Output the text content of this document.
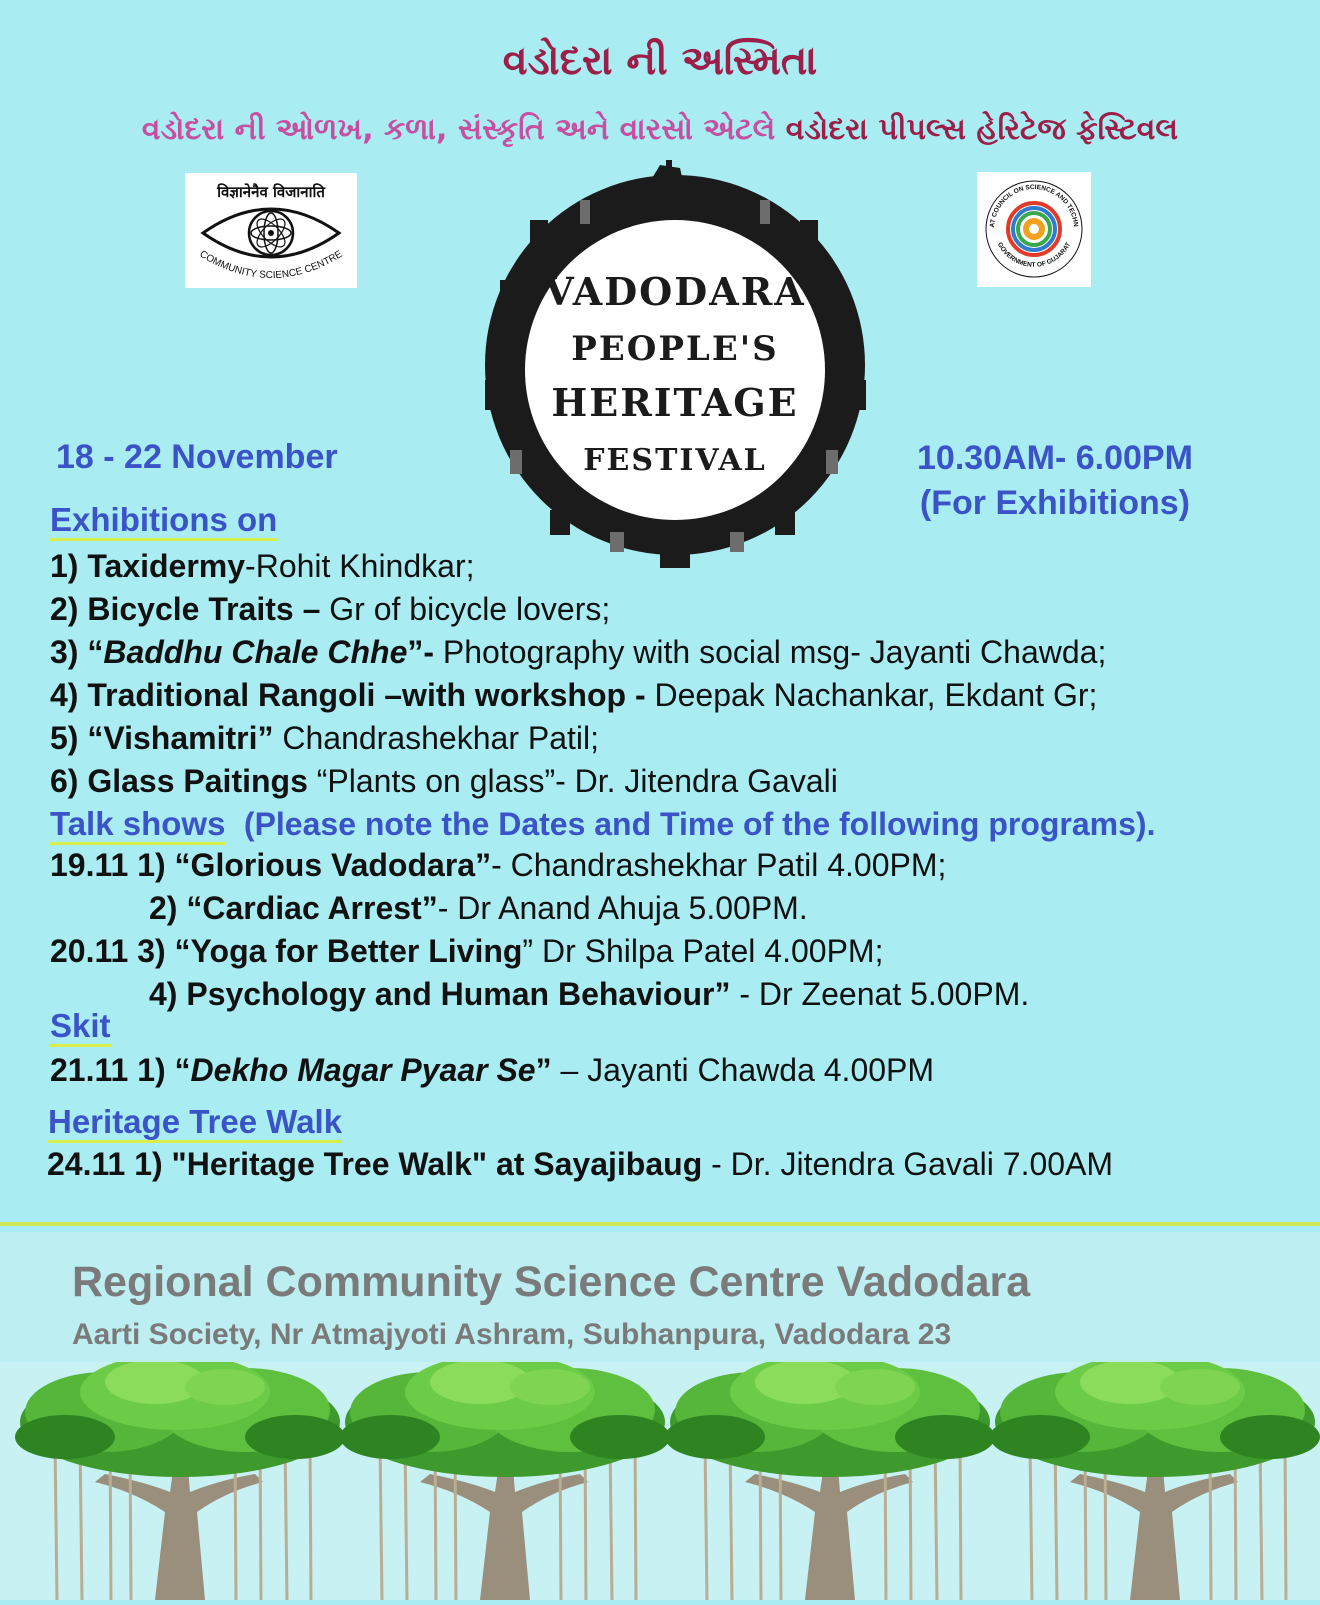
વડોદરા ની અસ્મિતા
વડોદરા ની ઓળખ, કળા, સંસ્કૃતિ અને વારસો એટલે વડોદરા પીપલ્સ હેરિટેજ ફેસ્ટિવલ
विज्ञानेनैव विजानाति
COMMUNITY SCIENCE CENTRE
AT COUNCIL ON SCIENCE AND TECHN
GOVERNMENT OF GUJARAT
VADODARA
PEOPLE'S
HERITAGE
FESTIVAL
18 - 22 November	10.30AM- 6.00PM
(For Exhibitions)
Exhibitions on
1) Taxidermy-Rohit Khindkar;
2) Bicycle Traits – Gr of bicycle lovers;
3) “Baddhu Chale Chhe”- Photography with social msg- Jayanti Chawda;
4) Traditional Rangoli –with workshop - Deepak Nachankar, Ekdant Gr;
5) “Vishamitri” Chandrashekhar Patil;
6) Glass Paitings “Plants on glass”- Dr. Jitendra Gavali
Talk shows (Please note the Dates and Time of the following programs).
19.11 1) “Glorious Vadodara”- Chandrashekhar Patil 4.00PM;
2) “Cardiac Arrest”- Dr Anand Ahuja 5.00PM.
20.11 3) “Yoga for Better Living” Dr Shilpa Patel 4.00PM;
4) Psychology and Human Behaviour” - Dr Zeenat 5.00PM.
Skit
21.11 1) “Dekho Magar Pyaar Se” – Jayanti Chawda 4.00PM
Heritage Tree Walk
24.11 1) "Heritage Tree Walk" at Sayajibaug - Dr. Jitendra Gavali 7.00AM
Regional Community Science Centre Vadodara
Aarti Society, Nr Atmajyoti Ashram, Subhanpura, Vadodara 23
